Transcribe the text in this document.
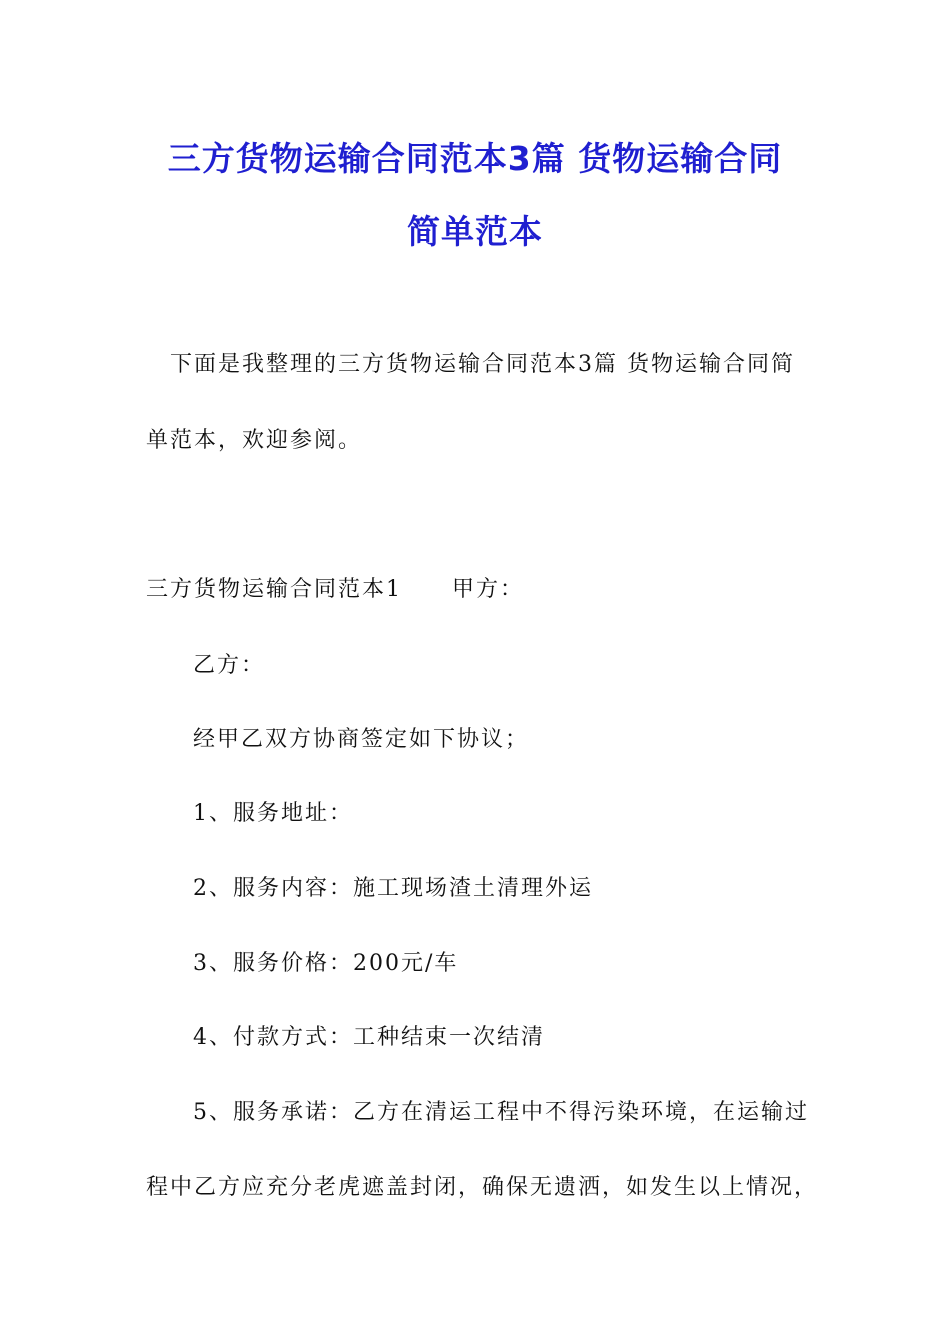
三方货物运输合同范本3篇 货物运输合同
简单范本
下面是我整理的三方货物运输合同范本3篇 货物运输合同简
单范本，欢迎参阅。
三方货物运输合同范本1 甲方：
乙方：
经甲乙双方协商签定如下协议；
1、服务地址：
2、服务内容：施工现场渣土清理外运
3、服务价格：200元/车
4、付款方式：工种结束一次结清
5、服务承诺：乙方在清运工程中不得污染环境，在运输过
程中乙方应充分老虎遮盖封闭，确保无遗洒，如发生以上情况，
